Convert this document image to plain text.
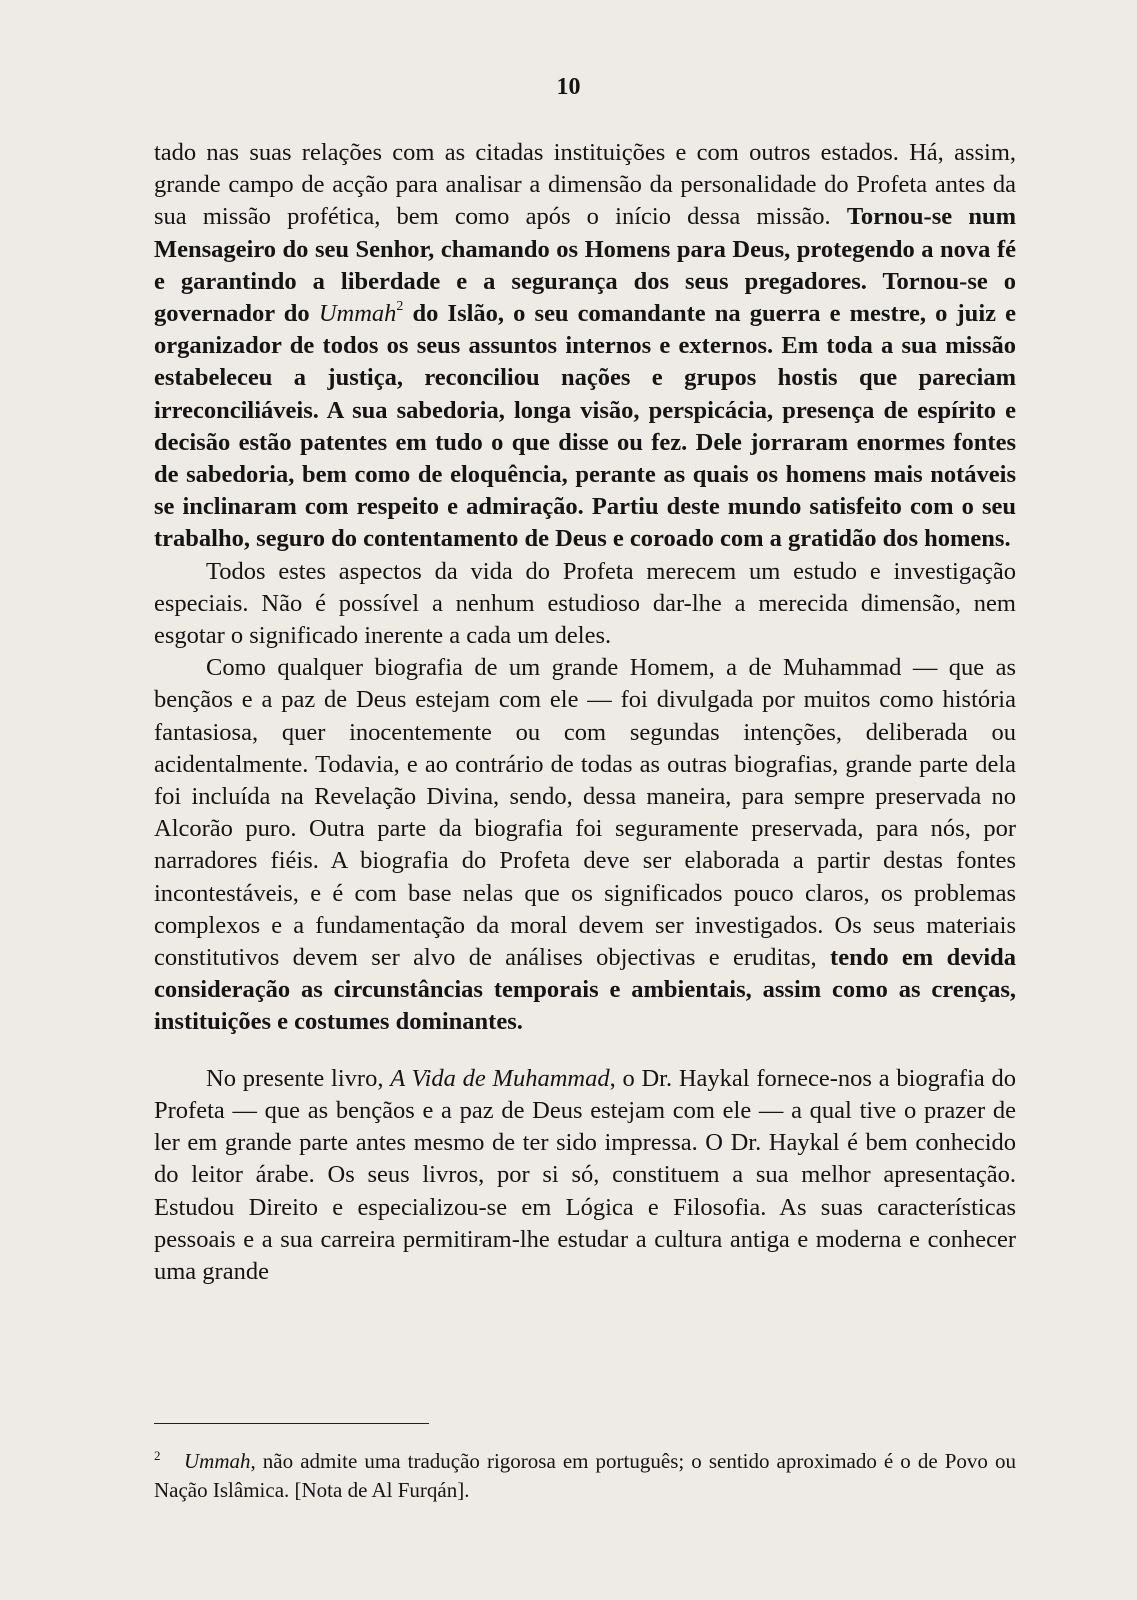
10

tado nas suas relações com as citadas instituições e com outros estados. Há, assim, grande campo de acção para analisar a dimensão da personalidade do Profeta antes da sua missão profética, bem como após o início dessa missão. Tornou-se num Mensageiro do seu Senhor, chamando os Homens para Deus, protegendo a nova fé e garantindo a liberdade e a segurança dos seus pregadores. Tornou-se o governador do Ummah$^2$ do Islão, o seu comandante na guerra e mestre, o juiz e organizador de todos os seus assuntos internos e externos. Em toda a sua missão estabeleceu a justiça, reconciliou nações e grupos hostis que pareciam irreconciliáveis. A sua sabedoria, longa visão, perspicácia, presença de espírito e decisão estão patentes em tudo o que disse ou fez. Dele jorraram enormes fontes de sabedoria, bem como de eloquência, perante as quais os homens mais notáveis se inclinaram com respeito e admiração. Partiu deste mundo satisfeito com o seu trabalho, seguro do contentamento de Deus e coroado com a gratidão dos homens.

Todos estes aspectos da vida do Profeta merecem um estudo e investigação especiais. Não é possível a nenhum estudioso dar-lhe a merecida dimensão, nem esgotar o significado inerente a cada um deles.

Como qualquer biografia de um grande Homem, a de Muhammad — que as bençãos e a paz de Deus estejam com ele — foi divulgada por muitos como história fantasiosa, quer inocentemente ou com segundas intenções, deliberada ou acidentalmente. Todavia, e ao contrário de todas as outras biografias, grande parte dela foi incluída na Revelação Divina, sendo, dessa maneira, para sempre preservada no Alcorão puro. Outra parte da biografia foi seguramente preservada, para nós, por narradores fiéis. A biografia do Profeta deve ser elaborada a partir destas fontes incontestáveis, e é com base nelas que os significados pouco claros, os problemas complexos e a fundamentação da moral devem ser investigados. Os seus materiais constitutivos devem ser alvo de análises objectivas e eruditas, tendo em devida consideração as circunstâncias temporais e ambientais, assim como as crenças, instituições e costumes dominantes.

No presente livro, A Vida de Muhammad, o Dr. Haykal fornece-nos a biografia do Profeta — que as bençãos e a paz de Deus estejam com ele — a qual tive o prazer de ler em grande parte antes mesmo de ter sido impressa. O Dr. Haykal é bem conhecido do leitor árabe. Os seus livros, por si só, constituem a sua melhor apresentação. Estudou Direito e especializou-se em Lógica e Filosofia. As suas características pessoais e a sua carreira permitiram-lhe estudar a cultura antiga e moderna e conhecer uma grande

2 Ummah, não admite uma tradução rigorosa em português; o sentido aproximado é o de Povo ou Nação Islâmica. [Nota de Al Furqán].
